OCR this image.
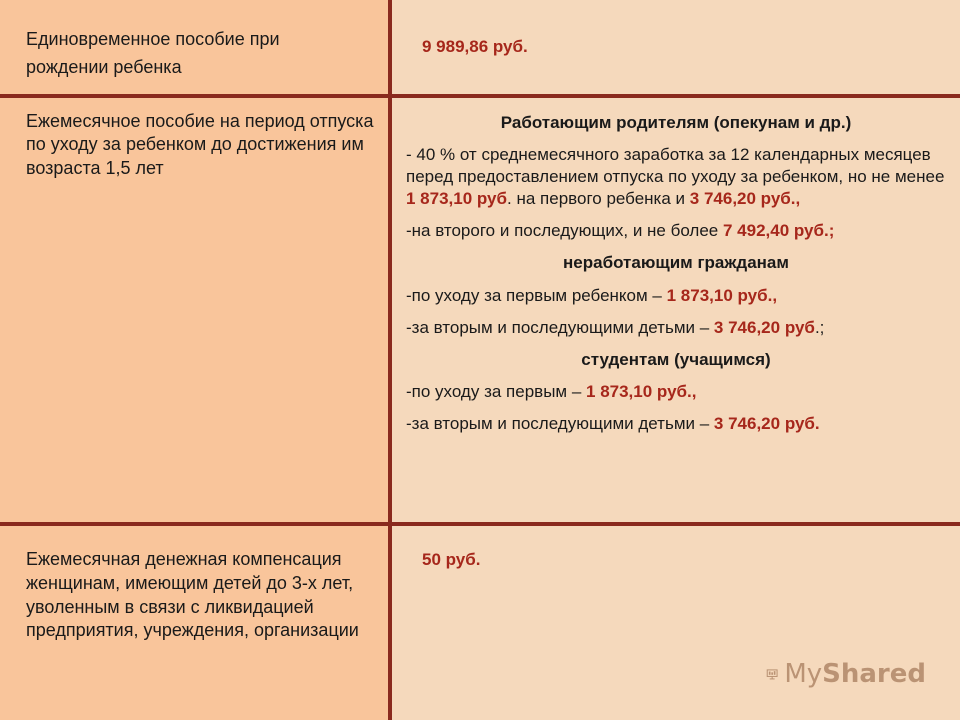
Единовременное пособие при
рождении ребенка
9 989,86 руб.
Ежемесячное пособие на период отпуска по уходу за ребенком до достижения им возраста 1,5 лет
Работающим родителям (опекунам и др.)
- 40 % от среднемесячного заработка за 12 календарных месяцев перед предоставлением отпуска по уходу за ребенком, но не менее
1 873,10 руб. на первого ребенка и 3 746,20 руб.,
-на второго и последующих, и не более 7 492,40 руб.;
неработающим гражданам
-по уходу за первым ребенком – 1 873,10 руб.,
-за вторым и последующими детьми – 3 746,20 руб.;
студентам (учащимся)
-по уходу за первым – 1 873,10 руб.,
-за вторым и последующими детьми – 3 746,20 руб.
Ежемесячная денежная компенсация женщинам, имеющим детей до 3-х лет, уволенным в связи с ликвидацией предприятия, учреждения, организации
50 руб.
MyShared
